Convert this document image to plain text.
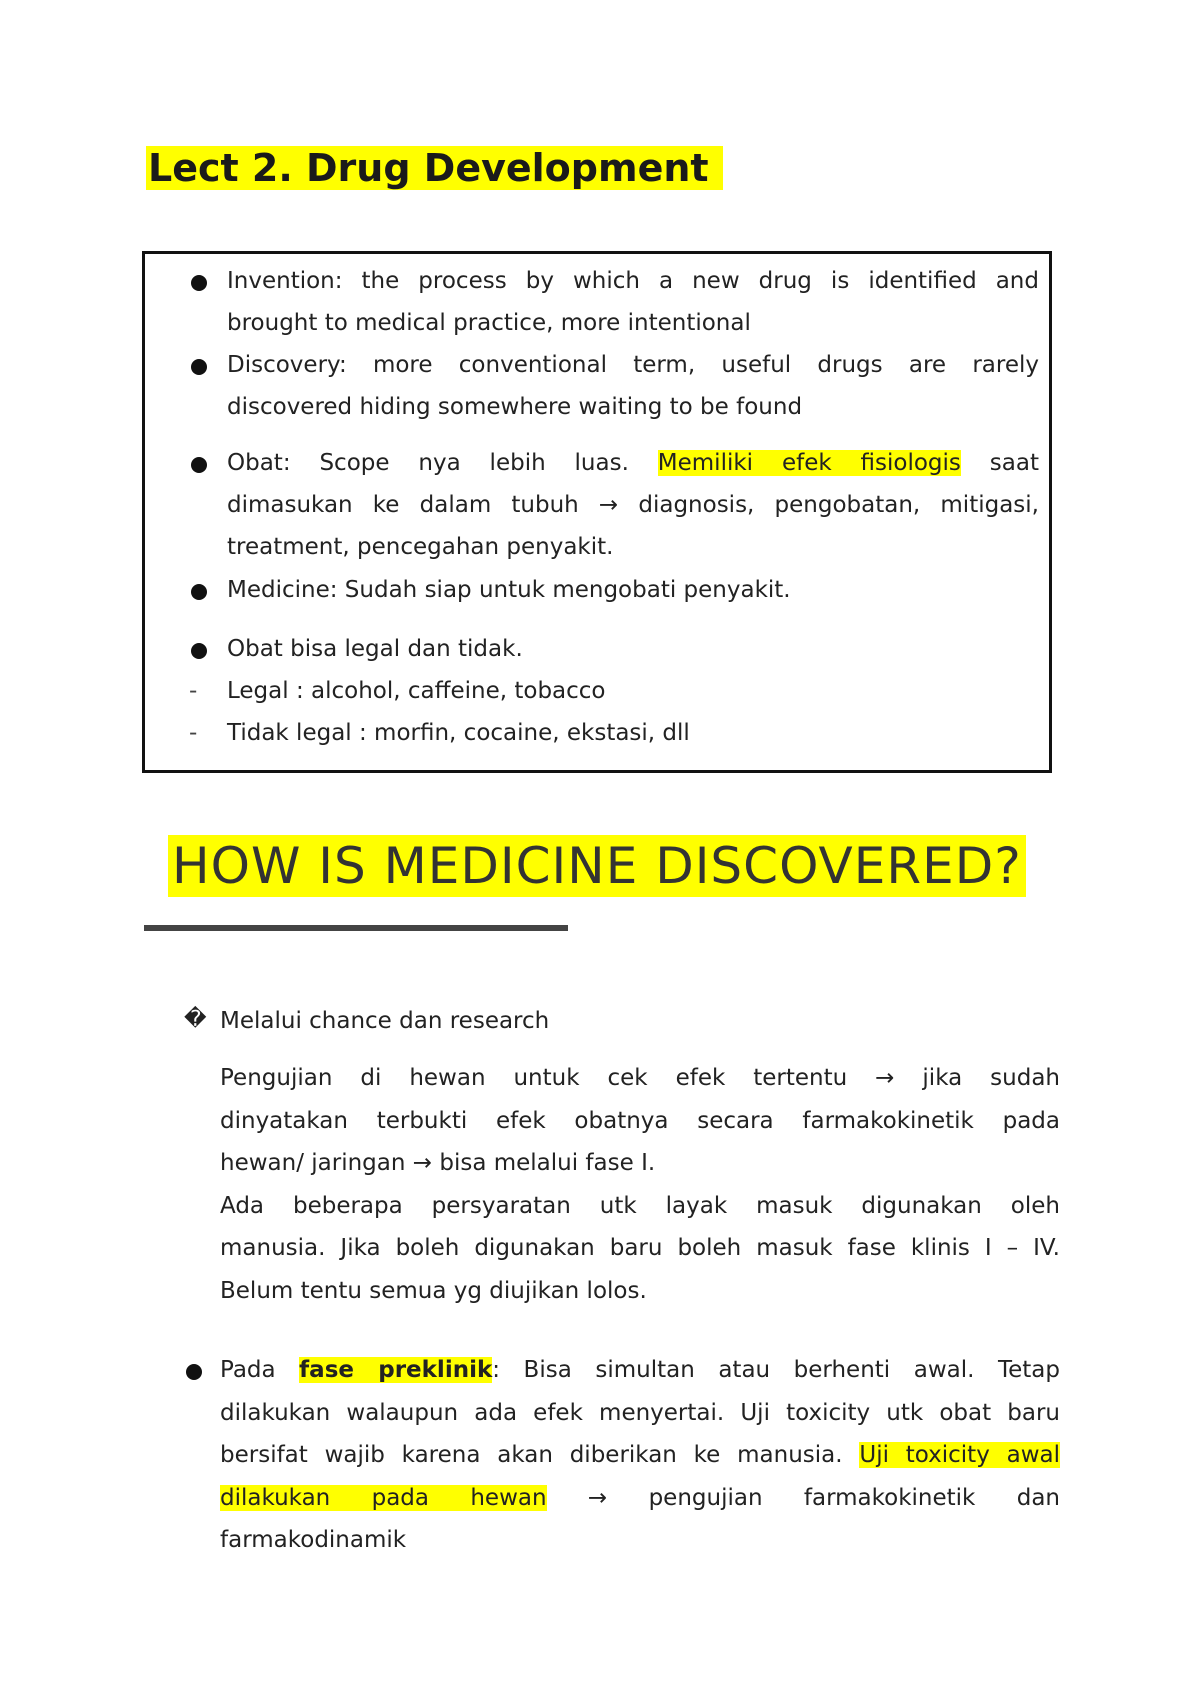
Lect 2. Drug Development
Invention: the process by which a new drug is identified and
brought to medical practice, more intentional
Discovery: more conventional term, useful drugs are rarely
discovered hiding somewhere waiting to be found
Obat: Scope nya lebih luas. Memiliki efek fisiologis saat
dimasukan ke dalam tubuh → diagnosis, pengobatan, mitigasi,
treatment, pencegahan penyakit.
Medicine: Sudah siap untuk mengobati penyakit.
Obat bisa legal dan tidak.
- Legal : alcohol, caffeine, tobacco
- Tidak legal : morfin, cocaine, ekstasi, dll
HOW IS MEDICINE DISCOVERED?
� Melalui chance dan research
Pengujian di hewan untuk cek efek tertentu → jika sudah
dinyatakan terbukti efek obatnya secara farmakokinetik pada
hewan/ jaringan → bisa melalui fase I.
Ada beberapa persyaratan utk layak masuk digunakan oleh
manusia. Jika boleh digunakan baru boleh masuk fase klinis I – IV.
Belum tentu semua yg diujikan lolos.
Pada fase preklinik: Bisa simultan atau berhenti awal. Tetap
dilakukan walaupun ada efek menyertai. Uji toxicity utk obat baru
bersifat wajib karena akan diberikan ke manusia. Uji toxicity awal
dilakukan pada hewan → pengujian farmakokinetik dan
farmakodinamik
